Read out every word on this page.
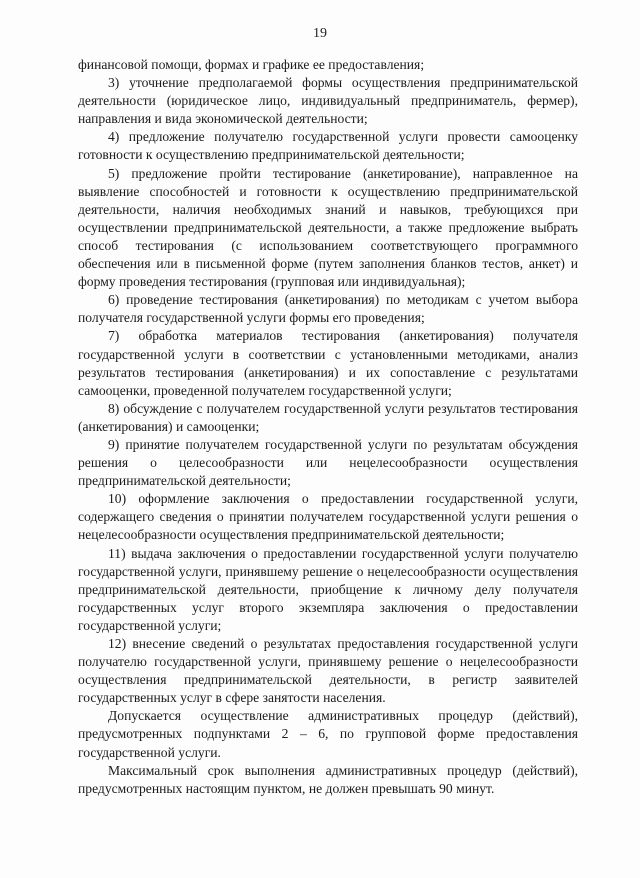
19

финансовой помощи, формах и графике ее предоставления;

3) уточнение предполагаемой формы осуществления предпринимательской деятельности (юридическое лицо, индивидуальный предприниматель, фермер), направления и вида экономической деятельности;

4) предложение получателю государственной услуги провести самооценку готовности к осуществлению предпринимательской деятельности;

5) предложение пройти тестирование (анкетирование), направленное на выявление способностей и готовности к осуществлению предпринимательской деятельности, наличия необходимых знаний и навыков, требующихся при осуществлении предпринимательской деятельности, а также предложение выбрать способ тестирования (с использованием соответствующего программного обеспечения или в письменной форме (путем заполнения бланков тестов, анкет) и форму проведения тестирования (групповая или индивидуальная);

6) проведение тестирования (анкетирования) по методикам с учетом выбора получателя государственной услуги формы его проведения;

7) обработка материалов тестирования (анкетирования) получателя государственной услуги в соответствии с установленными методиками, анализ результатов тестирования (анкетирования) и их сопоставление с результатами самооценки, проведенной получателем государственной услуги;

8) обсуждение с получателем государственной услуги результатов тестирования (анкетирования) и самооценки;

9) принятие получателем государственной услуги по результатам обсуждения решения о целесообразности или нецелесообразности осуществления предпринимательской деятельности;

10) оформление заключения о предоставлении государственной услуги, содержащего сведения о принятии получателем государственной услуги решения о нецелесообразности осуществления предпринимательской деятельности;

11) выдача заключения о предоставлении государственной услуги получателю государственной услуги, принявшему решение о нецелесообразности осуществления предпринимательской деятельности, приобщение к личному делу получателя государственных услуг второго экземпляра заключения о предоставлении государственной услуги;

12) внесение сведений о результатах предоставления государственной услуги получателю государственной услуги, принявшему решение о нецелесообразности осуществления предпринимательской деятельности, в регистр заявителей государственных услуг в сфере занятости населения.

Допускается осуществление административных процедур (действий), предусмотренных подпунктами 2 – 6, по групповой форме предоставления государственной услуги.

Максимальный срок выполнения административных процедур (действий), предусмотренных настоящим пунктом, не должен превышать 90 минут.
